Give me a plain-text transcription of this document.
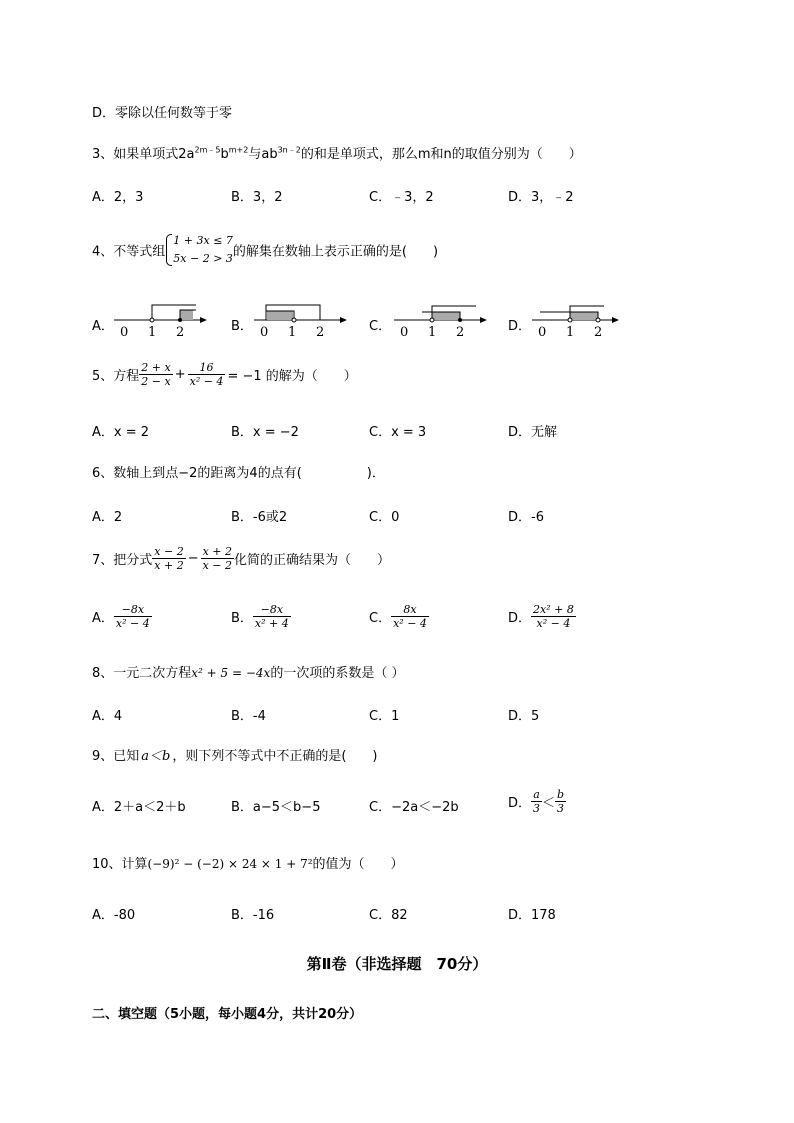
D．零除以任何数等于零
3、如果单项式$2a^{2m﹣5}b^{m+2}$与$ab^{3n﹣2}$的和是单项式，那么m和n的取值分别为（　　）
A．2，3	B．3，2	C．﹣3，2	D．3，﹣2
4、不等式组
1 + 3x ≤ 7
5x − 2 > 3 的解集在数轴上表示正确的是(　　)
A．	B．	C．	D．
0 1 2	0 1 2	0 1 2	0 1 2
5、方程 $\frac{2 + x}{2 - x} + \frac{16}{\text{x² − 4}} = -1$ 的解为（　　）
A．x = 2	B．x = −2	C．x = 3	D．无解
6、数轴上到点−2的距离为4的点有(　　　　　)．
A．2	B．-6或2	C．0	D．-6
7、把分式 $\frac{x - 2}{x + 2} - \frac{x + 2}{x - 2}$ 化简的正确结果为（　　）
A． $\frac{-8x}{\text{x² − 4}}$	B． $\frac{-8x}{\text{x² + 4}}$	C． $\frac{8x}{\text{x² − 4}}$	D． $\frac{\text{2x² + 8}}{\text{x² − 4}}$
8、一元二次方程x² + 5 = −4x的一次项的系数是（ ）
A．4	B．-4	C．1	D．5
9、已知 a＜b ，则下列不等式中不正确的是(　　)
A．2＋a＜2＋b	B．a−5＜b−5	C．−2a＜−2b	D． $\frac{a}{3} < \frac{b}{3}$
10、计算(−9)² − (−2) × 24 × 1 + 7²的值为（　　）
A．-80	B．-16	C．82	D．178
第Ⅱ卷（非选择题　70分）
二、填空题（5小题，每小题4分，共计20分）
